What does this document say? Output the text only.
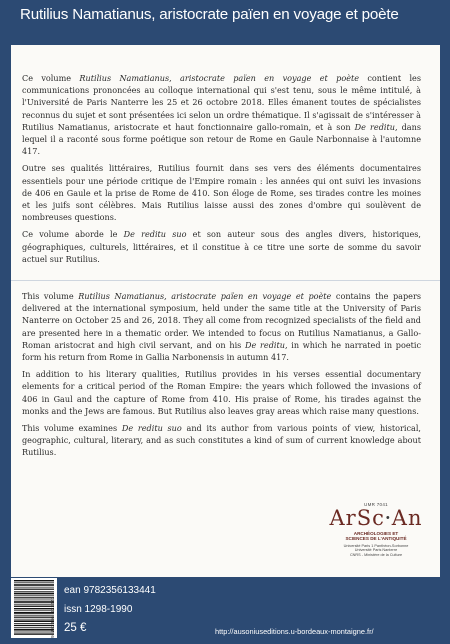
Rutilius Namatianus, aristocrate païen en voyage et poète

Ce volume Rutilius Namatianus, aristocrate païen en voyage et poète contient les communications prononcées au colloque international qui s'est tenu, sous le même intitulé, à l'Université de Paris Nanterre les 25 et 26 octobre 2018. Elles émanent toutes de spécialistes reconnus du sujet et sont présentées ici selon un ordre thématique. Il s'agissait de s'intéresser à Rutilius Namatianus, aristocrate et haut fonctionnaire gallo-romain, et à son De reditu, dans lequel il a raconté sous forme poétique son retour de Rome en Gaule Narbonnaise à l'automne 417.

Outre ses qualités littéraires, Rutilius fournit dans ses vers des éléments documentaires essentiels pour une période critique de l'Empire romain : les années qui ont suivi les invasions de 406 en Gaule et la prise de Rome de 410. Son éloge de Rome, ses tirades contre les moines et les juifs sont célèbres. Mais Rutilius laisse aussi des zones d'ombre qui soulèvent de nombreuses questions.

Ce volume aborde le De reditu suo et son auteur sous des angles divers, historiques, géographiques, culturels, littéraires, et il constitue à ce titre une sorte de somme du savoir actuel sur Rutilius.

This volume Rutilius Namatianus, aristocrate païen en voyage et poète contains the papers delivered at the international symposium, held under the same title at the University of Paris Nanterre on October 25 and 26, 2018. They all come from recognized specialists of the field and are presented here in a thematic order. We intended to focus on Rutilius Namatianus, a Gallo-Roman aristocrat and high civil servant, and on his De reditu, in which he narrated in poetic form his return from Rome in Gallia Narbonensis in autumn 417.

In addition to his literary qualities, Rutilius provides in his verses essential documentary elements for a critical period of the Roman Empire: the years which followed the invasions of 406 in Gaul and the capture of Rome from 410. His praise of Rome, his tirades against the monks and the Jews are famous. But Rutilius also leaves gray areas which raise many questions.

This volume examines De reditu suo and its author from various points of view, historical, geographic, cultural, literary, and as such constitutes a kind of sum of current knowledge about Rutilius.

UMR 7041
ArSc•An
ARCHÉOLOGIES ET
SCIENCES DE L'ANTIQUITÉ
Université Paris 1 Panthéon-Sorbonne
Université Paris Nanterre
CNRS - Ministère de la Culture
9 782356 133441
ean 9782356133441
issn 1298-1990
25 €	http://ausoniuseditions.u-bordeaux-montaigne.fr/
